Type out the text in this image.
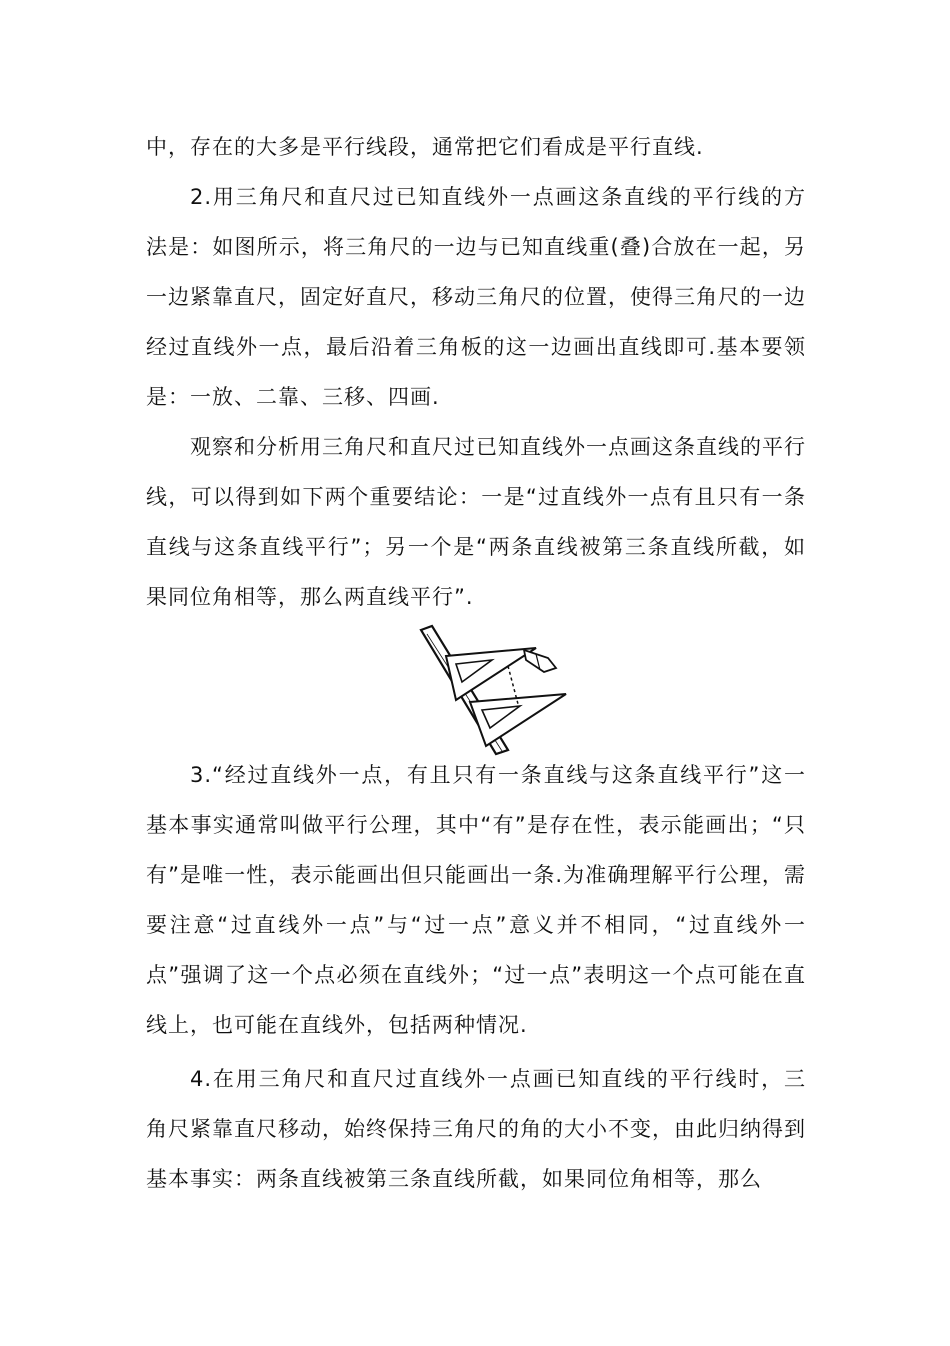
中，存在的大多是平行线段，通常把它们看成是平行直线.
2.用三角尺和直尺过已知直线外一点画这条直线的平行线的方法是：如图所示，将三角尺的一边与已知直线重(叠)合放在一起，另一边紧靠直尺，固定好直尺，移动三角尺的位置，使得三角尺的一边经过直线外一点，最后沿着三角板的这一边画出直线即可.基本要领是：一放、二靠、三移、四画.
观察和分析用三角尺和直尺过已知直线外一点画这条直线的平行线，可以得到如下两个重要结论：一是“过直线外一点有且只有一条直线与这条直线平行”；另一个是“两条直线被第三条直线所截，如果同位角相等，那么两直线平行”.
3.“经过直线外一点，有且只有一条直线与这条直线平行”这一基本事实通常叫做平行公理，其中“有”是存在性，表示能画出；“只有”是唯一性，表示能画出但只能画出一条.为准确理解平行公理，需要注意“过直线外一点”与“过一点”意义并不相同，“过直线外一点”强调了这一个点必须在直线外；“过一点”表明这一个点可能在直线上，也可能在直线外，包括两种情况.
4.在用三角尺和直尺过直线外一点画已知直线的平行线时，三角尺紧靠直尺移动，始终保持三角尺的角的大小不变，由此归纳得到基本事实：两条直线被第三条直线所截，如果同位角相等，那么
